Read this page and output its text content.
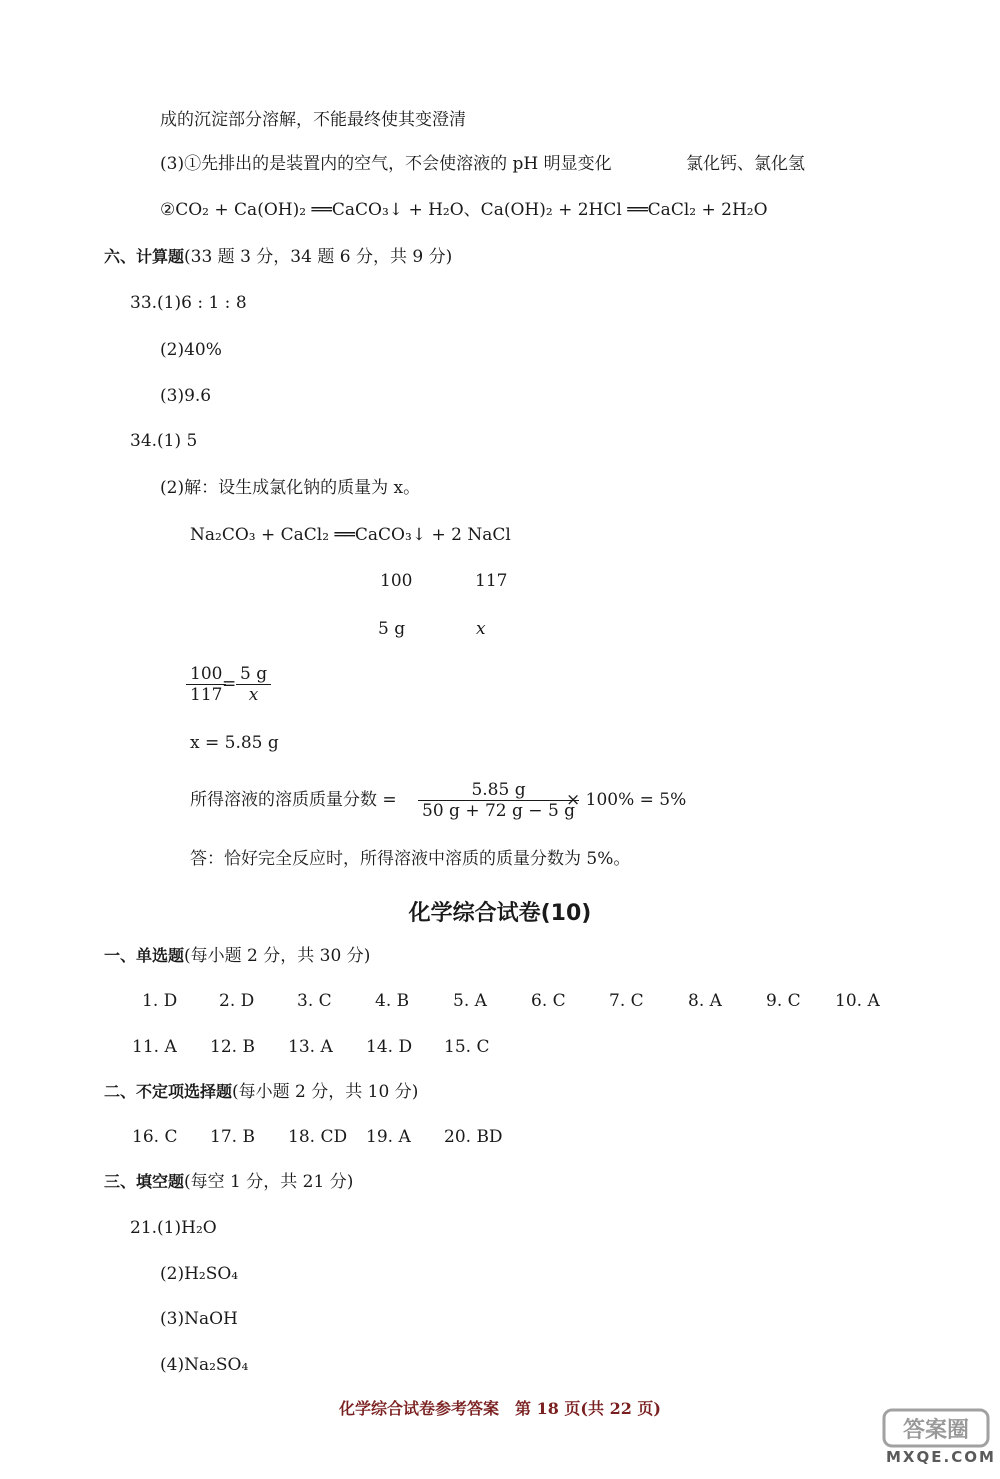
成的沉淀部分溶解，不能最终使其变澄清
(3)①先排出的是装置内的空气，不会使溶液的 pH 明显变化	氯化钙、氯化氢
②CO₂ + Ca(OH)₂ ══CaCO₃↓ + H₂O、Ca(OH)₂ + 2HCl ══CaCl₂ + 2H₂O
六、计算题(33 题 3 分，34 题 6 分，共 9 分)
33.(1)6 : 1 : 8
(2)40%
(3)9.6
34.(1) 5
(2)解：设生成氯化钠的质量为 x。
Na₂CO₃ + CaCl₂ ══CaCO₃↓ + 2 NaCl
100	117
5 g	x
$\frac{100}{117}$
= $\frac{5 g}{x}$
x = 5.85 g
所得溶液的溶质质量分数 = $\frac{5.85 g}{50 g + 72 g - 5 g}$
× 100% = 5%
答：恰好完全反应时，所得溶液中溶质的质量分数为 5%。
化学综合试卷(10)
一、单选题(每小题 2 分，共 30 分)
1. D 2. D	3. C	4. B	5. A	6. C	7. C	8. A	9. C 10. A
11. A 12. B 13. A 14. D 15. C
二、不定项选择题(每小题 2 分，共 10 分)
16. C 17. B 18. CD 19. A 20. BD
三、填空题(每空 1 分，共 21 分)
21.(1)H₂O
(2)H₂SO₄
(3)NaOH
(4)Na₂SO₄
化学综合试卷参考答案　第 18 页(共 22 页)
答案圈
MXQE.COM
